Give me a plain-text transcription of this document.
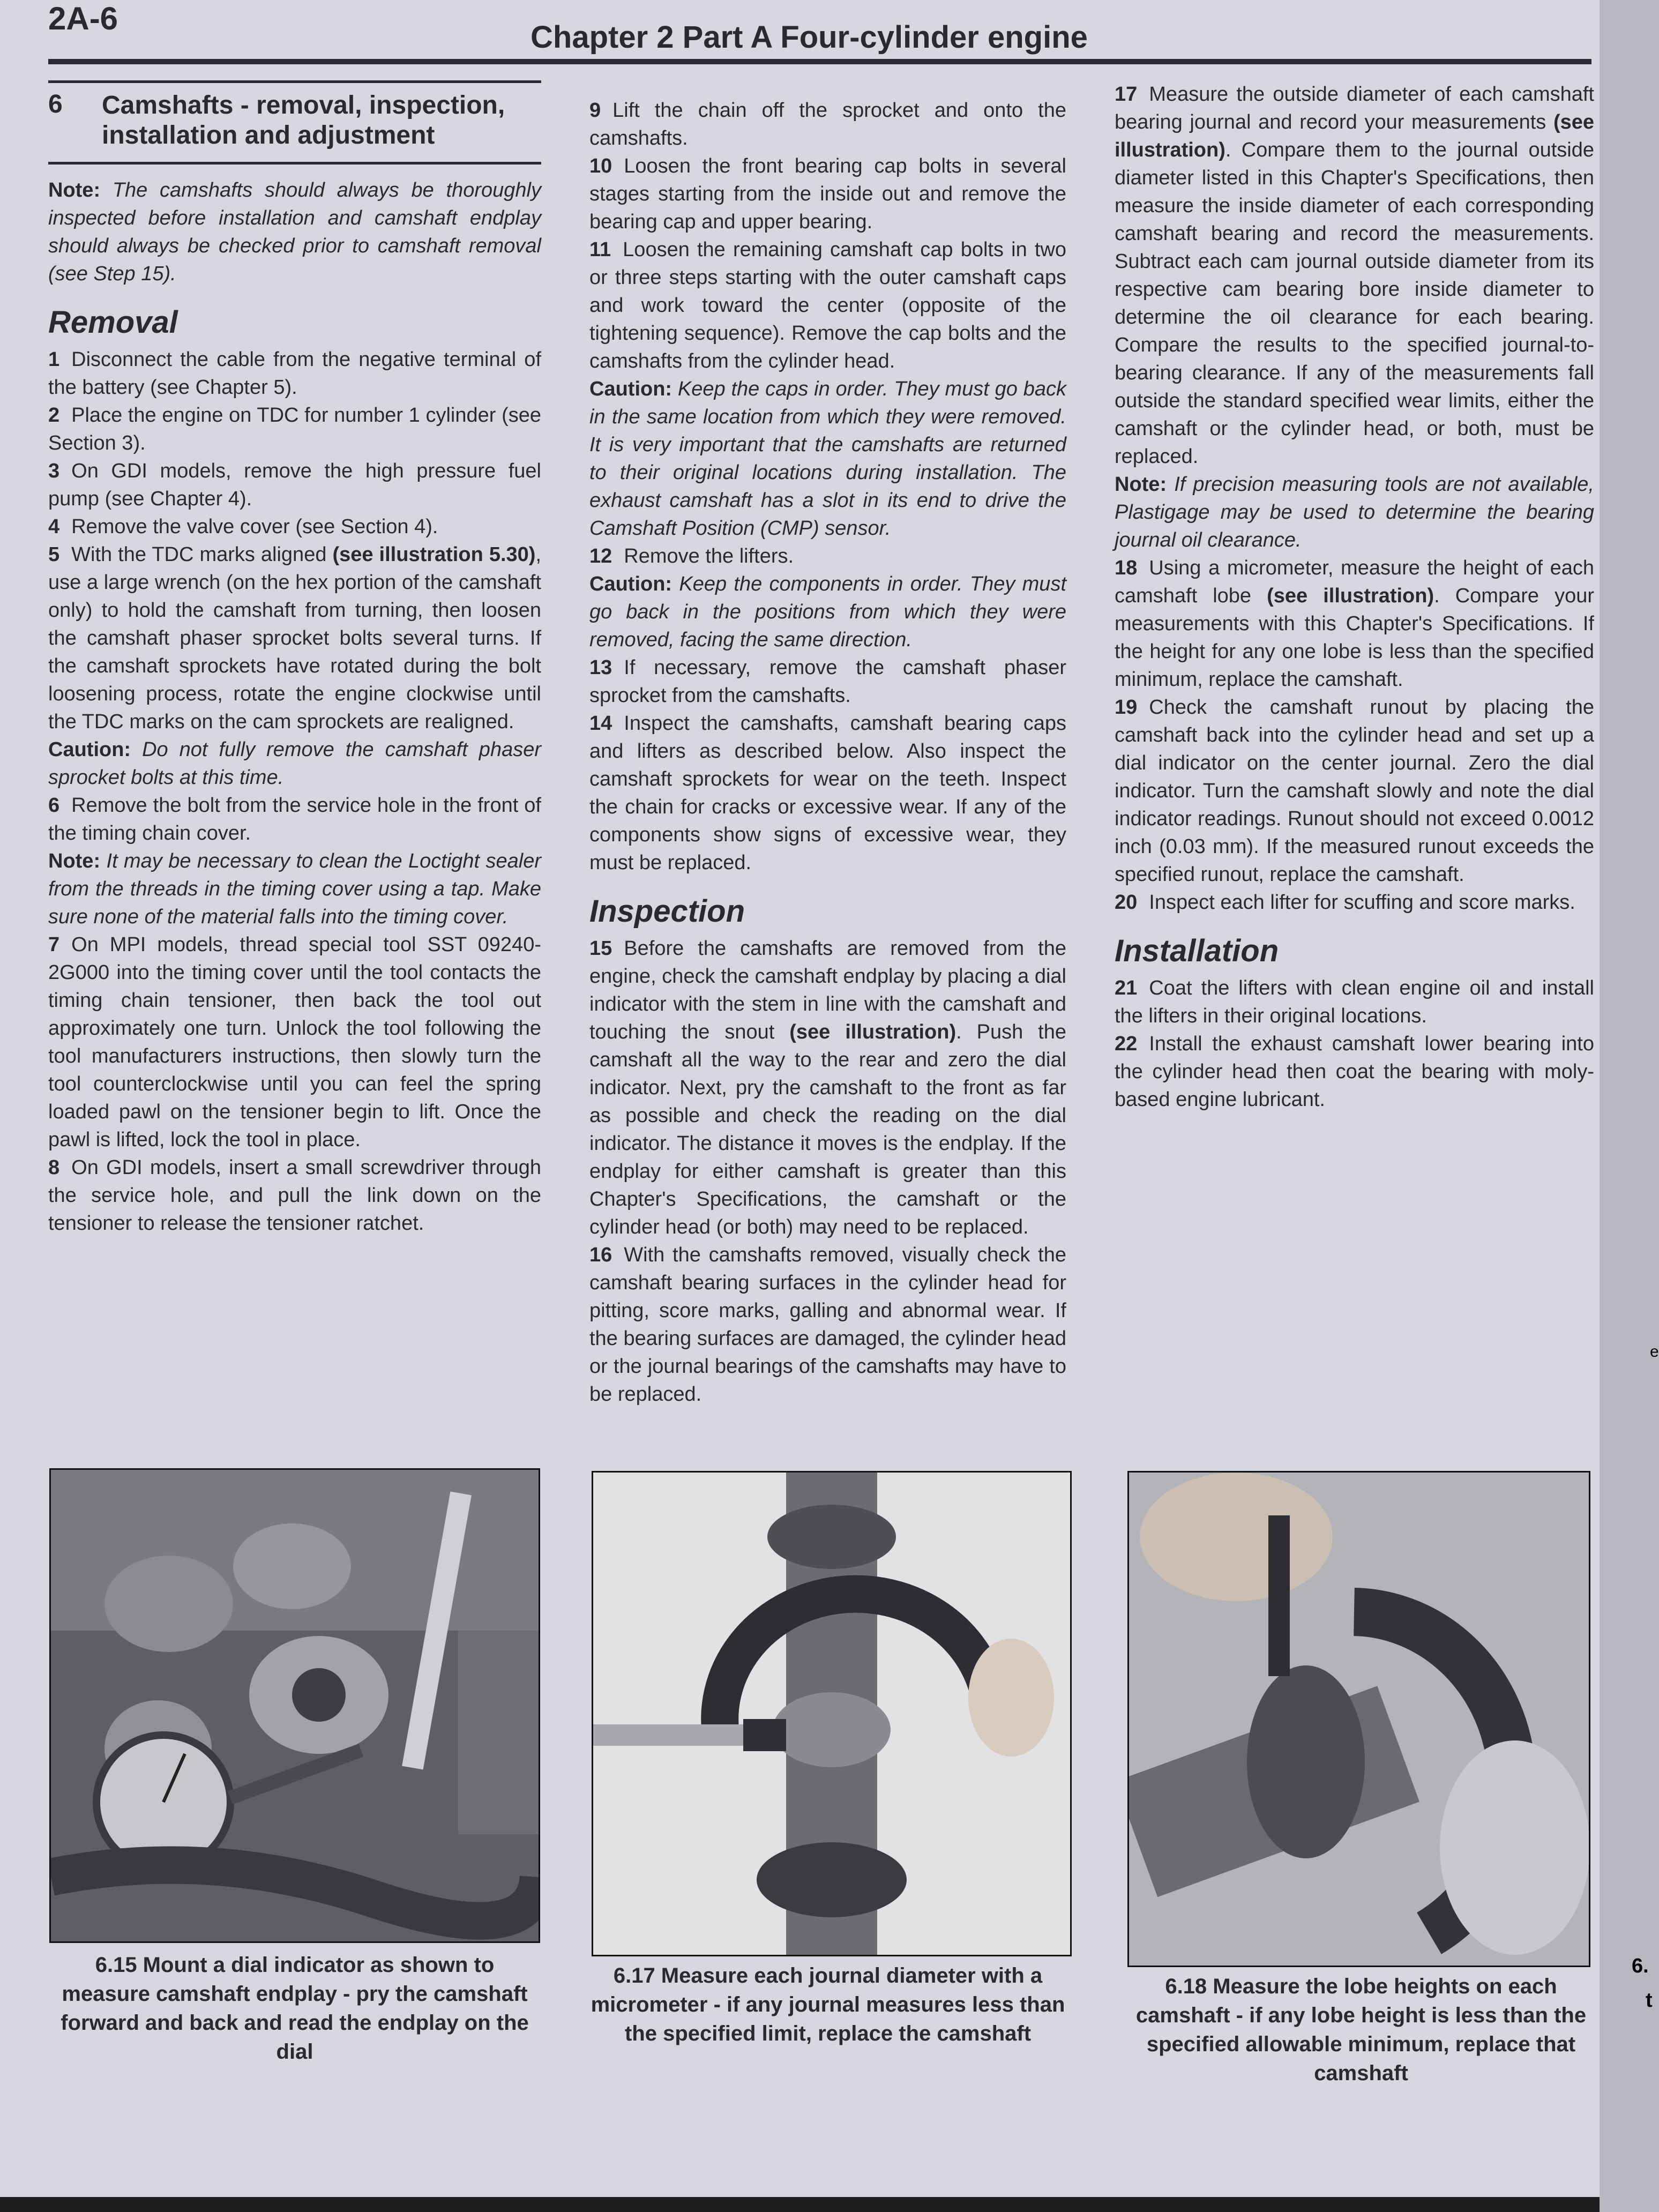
2A-6
Chapter 2 Part A Four-cylinder engine
6 Camshafts - removal, inspection, installation and adjustment

Note: The camshafts should always be thoroughly inspected before installation and camshaft endplay should always be checked prior to camshaft removal (see Step 15).

Removal

1 Disconnect the cable from the negative terminal of the battery (see Chapter 5).

2 Place the engine on TDC for number 1 cylinder (see Section 3).

3 On GDI models, remove the high pressure fuel pump (see Chapter 4).

4 Remove the valve cover (see Section 4).

5 With the TDC marks aligned (see illustration 5.30), use a large wrench (on the hex portion of the camshaft only) to hold the camshaft from turning, then loosen the camshaft phaser sprocket bolts several turns. If the camshaft sprockets have rotated during the bolt loosening process, rotate the engine clockwise until the TDC marks on the cam sprockets are realigned.

Caution: Do not fully remove the camshaft phaser sprocket bolts at this time.

6 Remove the bolt from the service hole in the front of the timing chain cover.

Note: It may be necessary to clean the Loctight sealer from the threads in the timing cover using a tap. Make sure none of the material falls into the timing cover.

7 On MPI models, thread special tool SST 09240-2G000 into the timing cover until the tool contacts the timing chain tensioner, then back the tool out approximately one turn. Unlock the tool following the tool manufacturers instructions, then slowly turn the tool counterclockwise until you can feel the spring loaded pawl on the tensioner begin to lift. Once the pawl is lifted, lock the tool in place.

8 On GDI models, insert a small screwdriver through the service hole, and pull the link down on the tensioner to release the tensioner ratchet.

9 Lift the chain off the sprocket and onto the camshafts.

10 Loosen the front bearing cap bolts in several stages starting from the inside out and remove the bearing cap and upper bearing.

11 Loosen the remaining camshaft cap bolts in two or three steps starting with the outer camshaft caps and work toward the center (opposite of the tightening sequence). Remove the cap bolts and the camshafts from the cylinder head.

Caution: Keep the caps in order. They must go back in the same location from which they were removed. It is very important that the camshafts are returned to their original locations during installation. The exhaust camshaft has a slot in its end to drive the Camshaft Position (CMP) sensor.

12 Remove the lifters.

Caution: Keep the components in order. They must go back in the positions from which they were removed, facing the same direction.

13 If necessary, remove the camshaft phaser sprocket from the camshafts.

14 Inspect the camshafts, camshaft bearing caps and lifters as described below. Also inspect the camshaft sprockets for wear on the teeth. Inspect the chain for cracks or excessive wear. If any of the components show signs of excessive wear, they must be replaced.

Inspection

15 Before the camshafts are removed from the engine, check the camshaft endplay by placing a dial indicator with the stem in line with the camshaft and touching the snout (see illustration). Push the camshaft all the way to the rear and zero the dial indicator. Next, pry the camshaft to the front as far as possible and check the reading on the dial indicator. The distance it moves is the endplay. If the endplay for either camshaft is greater than this Chapter's Specifications, the camshaft or the cylinder head (or both) may need to be replaced.

16 With the camshafts removed, visually check the camshaft bearing surfaces in the cylinder head for pitting, score marks, galling and abnormal wear. If the bearing surfaces are damaged, the cylinder head or the journal bearings of the camshafts may have to be replaced.

17 Measure the outside diameter of each camshaft bearing journal and record your measurements (see illustration). Compare them to the journal outside diameter listed in this Chapter's Specifications, then measure the inside diameter of each corresponding camshaft bearing and record the measurements. Subtract each cam journal outside diameter from its respective cam bearing bore inside diameter to determine the oil clearance for each bearing. Compare the results to the specified journal-to-bearing clearance. If any of the measurements fall outside the standard specified wear limits, either the camshaft or the cylinder head, or both, must be replaced.

Note: If precision measuring tools are not available, Plastigage may be used to determine the bearing journal oil clearance.

18 Using a micrometer, measure the height of each camshaft lobe (see illustration). Compare your measurements with this Chapter's Specifications. If the height for any one lobe is less than the specified minimum, replace the camshaft.

19 Check the camshaft runout by placing the camshaft back into the cylinder head and set up a dial indicator on the center journal. Zero the dial indicator. Turn the camshaft slowly and note the dial indicator readings. Runout should not exceed 0.0012 inch (0.03 mm). If the measured runout exceeds the specified runout, replace the camshaft.

20 Inspect each lifter for scuffing and score marks.

Installation

21 Coat the lifters with clean engine oil and install the lifters in their original locations.

22 Install the exhaust camshaft lower bearing into the cylinder head then coat the bearing with moly-based engine lubricant.

6.15 Mount a dial indicator as shown to measure camshaft endplay - pry the camshaft forward and back and read the endplay on the dial
6.17 Measure each journal diameter with a micrometer - if any journal measures less than the specified limit, replace the camshaft
6.18 Measure the lobe heights on each camshaft - if any lobe height is less than the specified allowable minimum, replace that camshaft
e
6.
t
